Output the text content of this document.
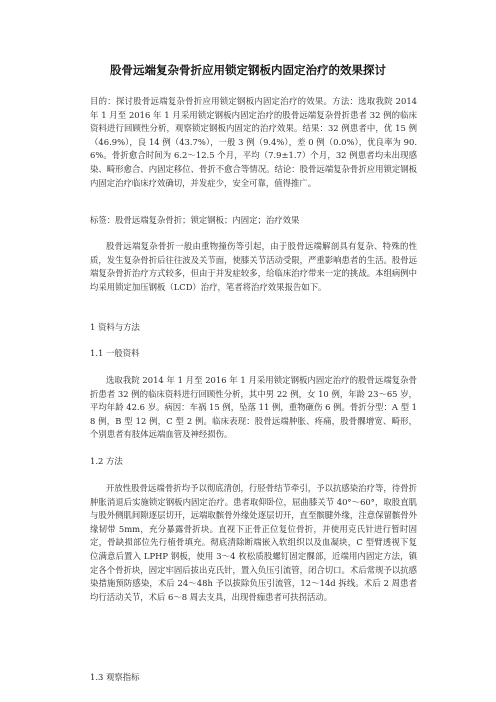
股骨远端复杂骨折应用锁定钢板内固定治疗的效果探讨
目的：探讨股骨远端复杂骨折应用锁定钢板内固定治疗的效果。方法：选取我院 2014 年 1 月至 2016 年 1 月采用锁定钢板内固定治疗的股骨远端复杂骨折患者 32 例的临床资料进行回顾性分析，观察锁定钢板内固定的治疗效果。结果：32 例患者中，优 15 例（46.9%），良 14 例（43.7%），一般 3 例（9.4%），差 0 例（0.0%），优良率为 90.6%。骨折愈合时间为 6.2～12.5 个月，平均（7.9±1.7）个月，32 例患者均未出现感染、畸形愈合、内固定移位、骨折不愈合等情况。结论：股骨远端复杂骨折应用锁定钢板内固定治疗临床疗效确切，并发症少，安全可靠，值得推广。
标签：股骨远端复杂骨折；锁定钢板；内固定；治疗效果
股骨远端复杂骨折一般由重物撞伤等引起，由于股骨远端解剖具有复杂、特殊的性质，发生复杂骨折后往往波及关节面，使膝关节活动受限，严重影响患者的生活。股骨远端复杂骨折治疗方式较多，但由于并发症较多，给临床治疗带来一定的挑战。本组病例中均采用锁定加压钢板（LCD）治疗，笔者将治疗效果报告如下。
1 资料与方法
1.1 一般资料
选取我院 2014 年 1 月至 2016 年 1 月采用锁定钢板内固定治疗的股骨远端复杂骨折患者 32 例的临床资料进行回顾性分析，其中男 22 例，女 10 例，年龄 23～65 岁，平均年龄 42.6 岁。病因：车祸 15 例，坠落 11 例，重物砸伤 6 例。骨折分型：A 型 18 例，B 型 12 例，C 型 2 例。临床表现：股骨远端肿胀、疼痛，股骨髁增宽、畸形，个别患者有肢体远端血管及神经损伤。
1.2 方法
开放性股骨远端骨折均予以彻底清创，行胫骨结节牵引，予以抗感染治疗等，待骨折肿胀消退后实施锁定钢板内固定治疗。患者取仰卧位，屈曲膝关节 40°～60°，取股直肌与股外侧肌间隙逐层切开，远端取髌骨外缘处逐层切开，直至髌腱外缘，注意保留髌骨外缘韧带 5mm，充分暴露骨折块。直视下正骨正位复位骨折，并使用克氏针进行暂时固定，骨缺损部位先行植骨填充。彻底清除断端嵌入软组织以及血凝块，C 型臂透视下复位满意后置入 LPHP 钢板，使用 3～4 枚松质股螺钉固定髁部，近端用内固定方法，镇定各个骨折块，固定牢固后拔出克氏针，置入负压引流管，闭合切口。术后常规予以抗感染措施预防感染，术后 24～48h 予以拔除负压引流管，12～14d 拆线。术后 2 周患者均行活动关节，术后 6～8 周去支具，出现骨痂患者可扶拐活动。
1.3 观察指标
